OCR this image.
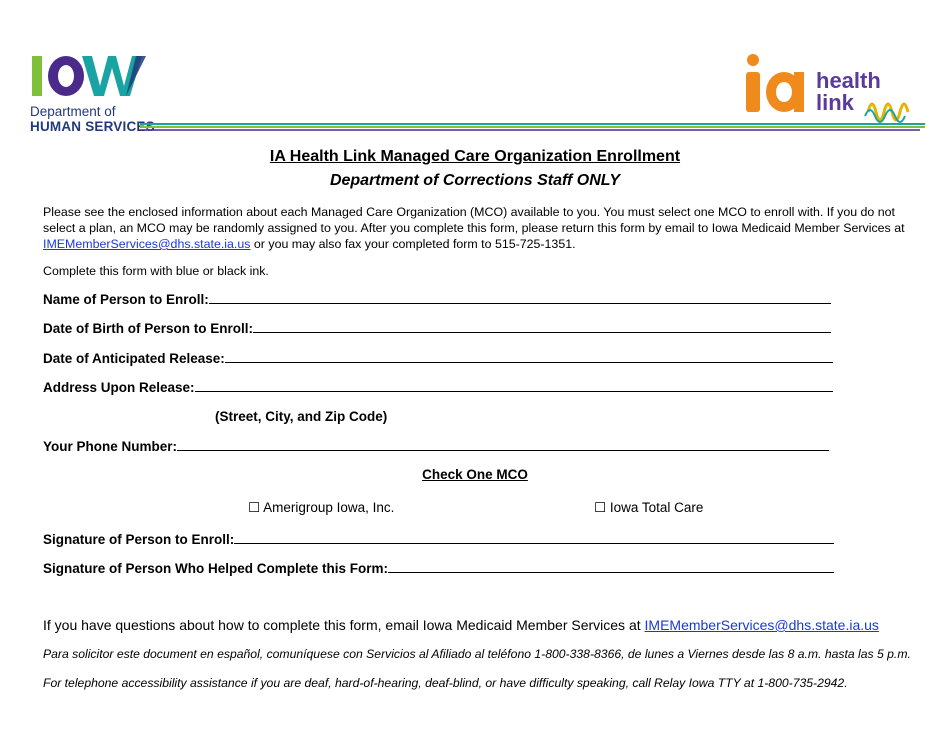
IOWA
Department of
HUMAN SERVICES
health
link
IA Health Link Managed Care Organization Enrollment
Department of Corrections Staff ONLY
Please see the enclosed information about each Managed Care Organization (MCO) available to you. You must select one MCO to enroll with. If you do not select a plan, an MCO may be randomly assigned to you. After you complete this form, please return this form by email to Iowa Medicaid Member Services at IMEMemberServices@dhs.state.ia.us or you may also fax your completed form to 515-725-1351.
Complete this form with blue or black ink.
Name of Person to Enroll:
Date of Birth of Person to Enroll:
Date of Anticipated Release:
Address Upon Release:
(Street, City, and Zip Code)
Your Phone Number:
Check One MCO
☐ Amerigroup Iowa, Inc.	☐ Iowa Total Care
Signature of Person to Enroll:
Signature of Person Who Helped Complete this Form:
If you have questions about how to complete this form, email Iowa Medicaid Member Services at IMEMemberServices@dhs.state.ia.us
Para solicitor este document en español, comuníquese con Servicios al Afiliado al teléfono 1-800-338-8366, de lunes a Viernes desde las 8 a.m. hasta las 5 p.m.
For telephone accessibility assistance if you are deaf, hard-of-hearing, deaf-blind, or have difficulty speaking, call Relay Iowa TTY at 1-800-735-2942.
